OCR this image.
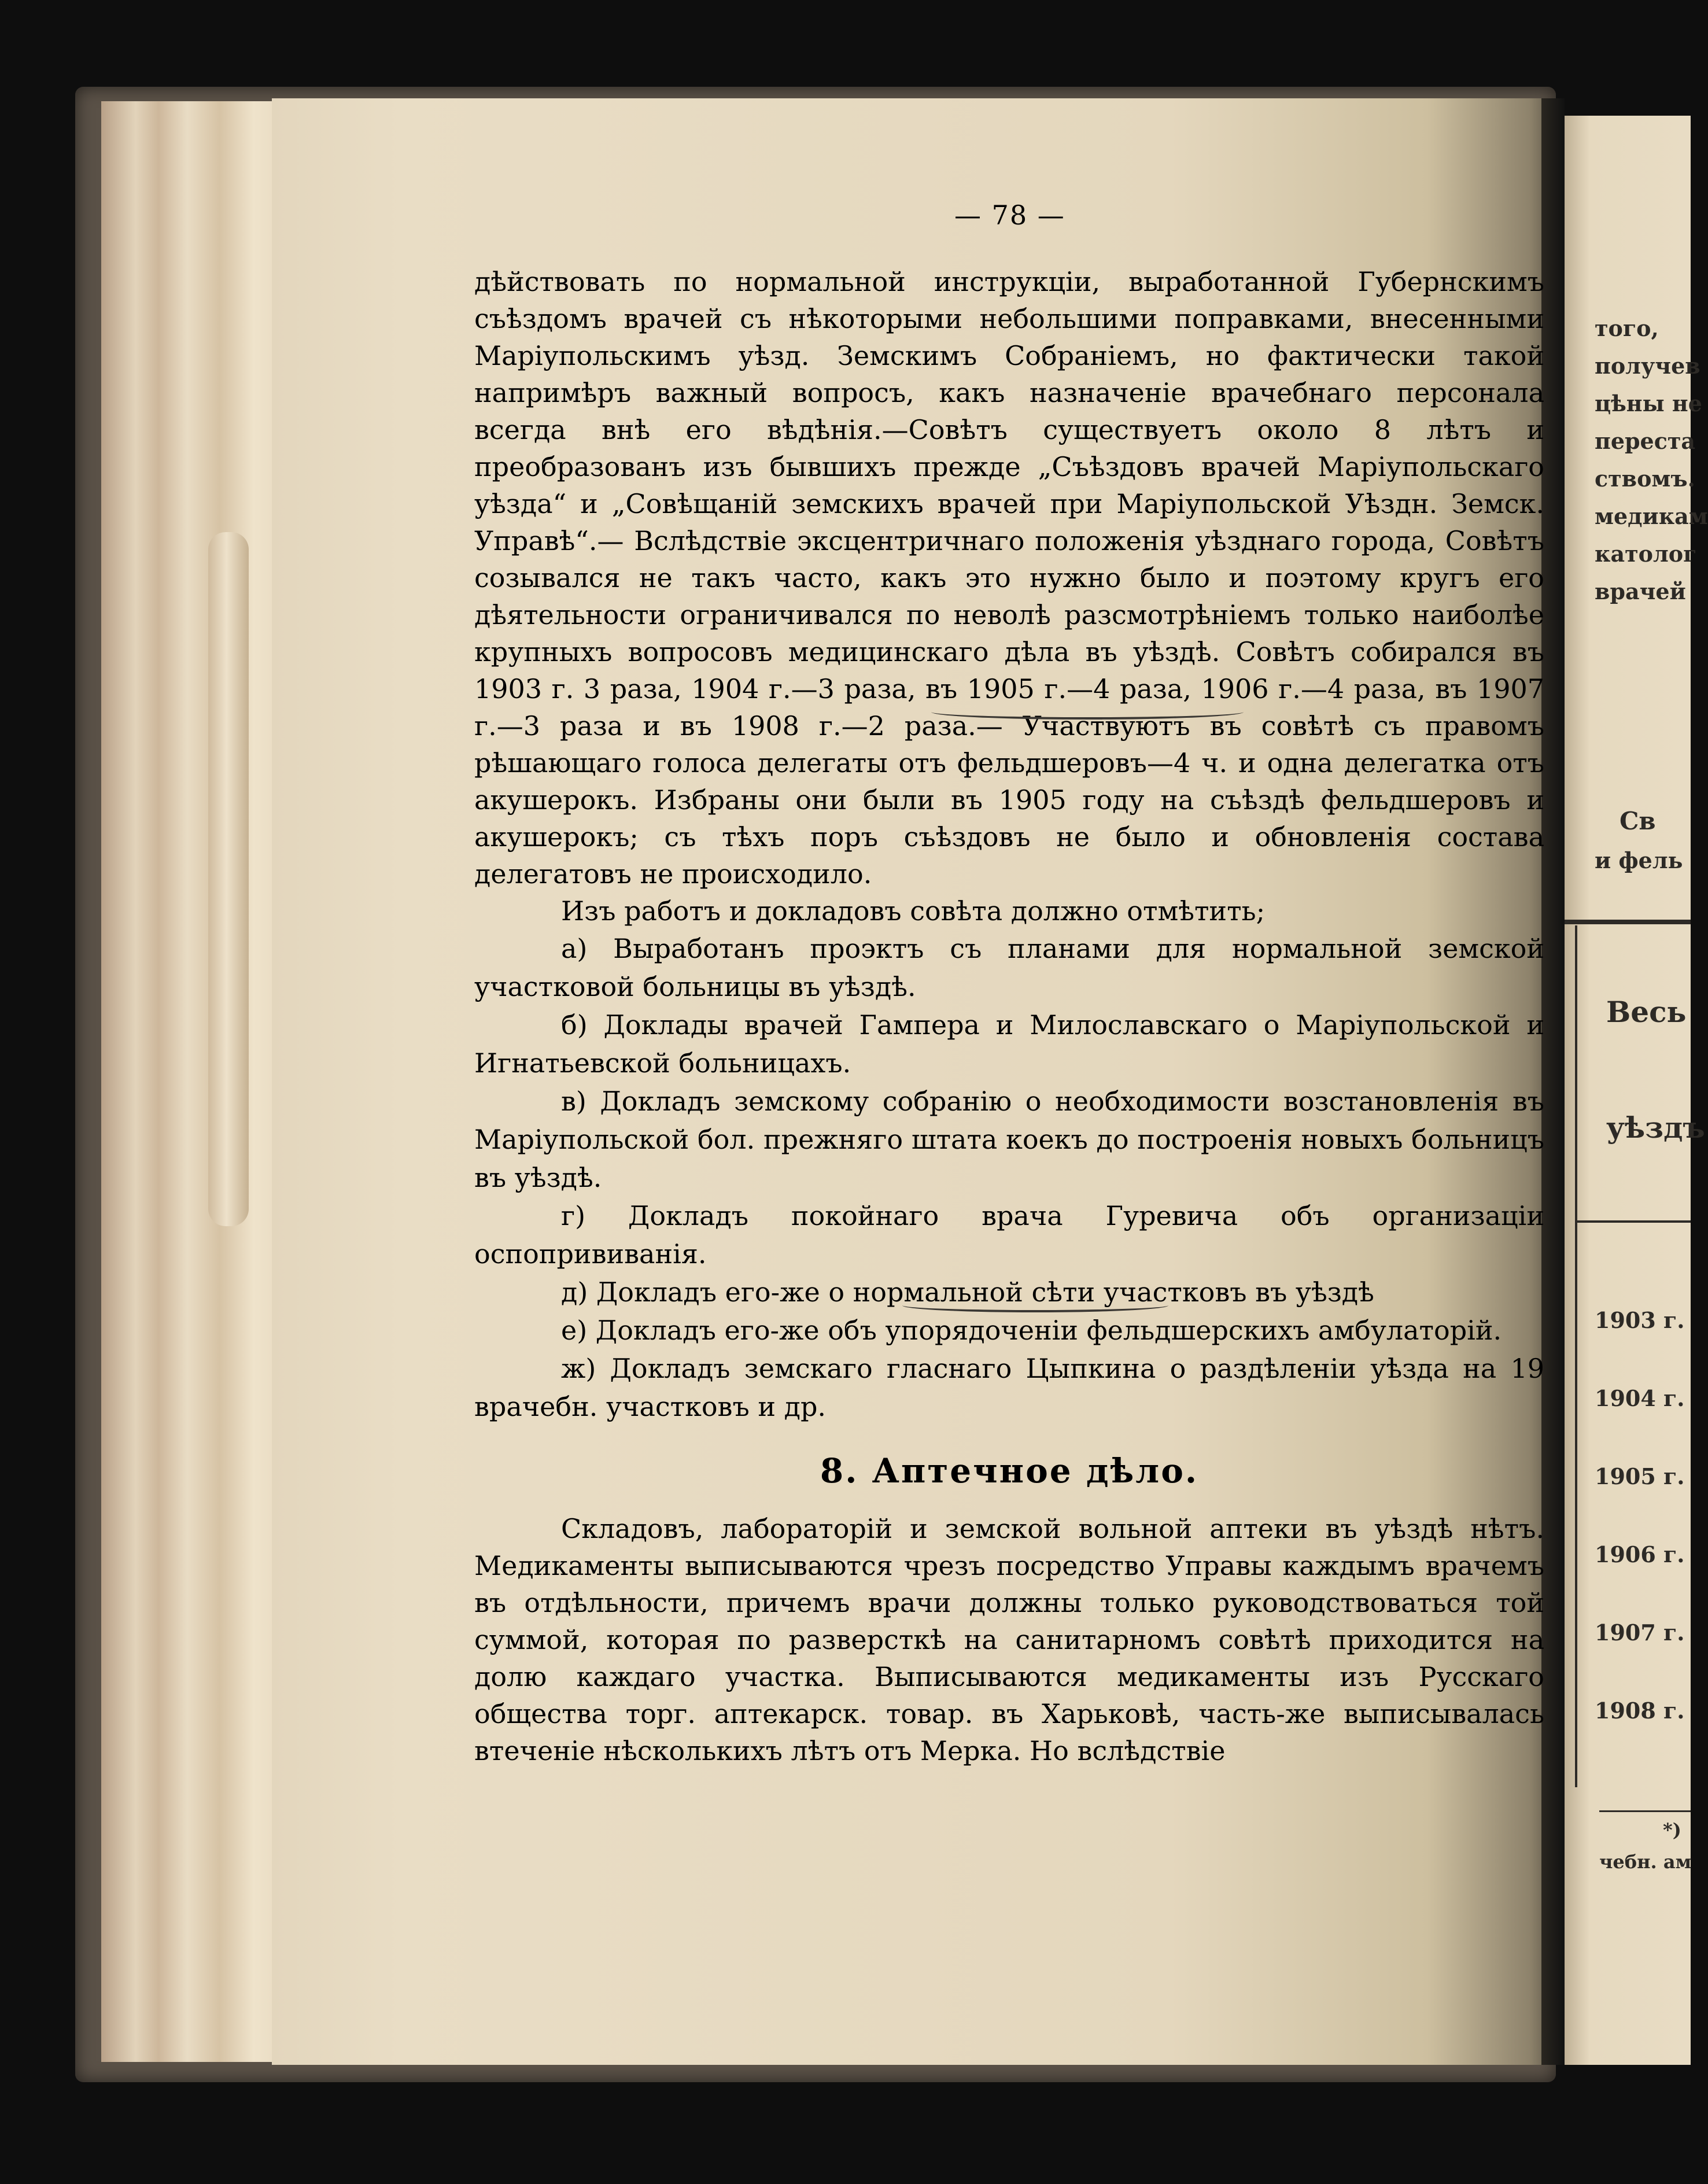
— 78 —

дѣйствовать по нормальной инструкціи, выработанной Губернскимъ съѣздомъ врачей съ нѣкоторыми небольшими поправками, внесенными Маріупольскимъ уѣзд. Земскимъ Собраніемъ, но фактически такой напримѣръ важный вопросъ, какъ назначеніе врачебнаго персонала всегда внѣ его вѣдѣнія.—Совѣтъ существуетъ около 8 лѣтъ и преобразованъ изъ бывшихъ прежде „Съѣздовъ врачей Маріупольскаго уѣзда“ и „Совѣщаній земскихъ врачей при Маріупольской Уѣздн. Земск. Управѣ“.— Вслѣдствіе эксцентричнаго положенія уѣзднаго города, Совѣтъ созывался не такъ часто, какъ это нужно было и поэтому кругъ его дѣятельности ограничивался по неволѣ разсмотрѣніемъ только наиболѣе крупныхъ вопросовъ медицинскаго дѣла въ уѣздѣ. Совѣтъ собирался въ 1903 г. 3 раза, 1904 г.—3 раза, въ 1905 г.—4 раза, 1906 г.—4 раза, въ 1907 г.—3 раза и въ 1908 г.—2 раза.— Участвуютъ въ совѣтѣ съ правомъ рѣшающаго голоса делегаты отъ фельдшеровъ—4 ч. и одна делегатка отъ акушерокъ. Избраны они были въ 1905 году на съѣздѣ фельдшеровъ и акушерокъ; съ тѣхъ поръ съѣздовъ не было и обновленія состава делегатовъ не происходило.

Изъ работъ и докладовъ совѣта должно отмѣтить;

а) Выработанъ проэктъ съ планами для нормальной земской участковой больницы въ уѣздѣ.
б) Доклады врачей Гампера и Милославскаго о Маріупольской и Игнатьевской больницахъ.
в) Докладъ земскому собранію о необходимости возстановленія въ Маріупольской бол. прежняго штата коекъ до построенія новыхъ больницъ въ уѣздѣ.
г) Докладъ покойнаго врача Гуревича объ организаціи оспопрививанія.
д) Докладъ его-же о нормальной сѣти участковъ въ уѣздѣ
е) Докладъ его-же объ упорядоченіи фельдшерскихъ амбулаторій.
ж) Докладъ земскаго гласнаго Цыпкина о раздѣленіи уѣзда на 19 врачебн. участковъ и др.
8. Аптечное дѣло.

Складовъ, лабораторій и земской вольной аптеки въ уѣздѣ нѣтъ. Медикаменты выписываются чрезъ посредство Управы каждымъ врачемъ въ отдѣльности, причемъ врачи должны только руководствоваться той суммой, которая по разверсткѣ на санитарномъ совѣтѣ приходится на долю каждаго участка. Выписываются медикаменты изъ Русскаго общества торг. аптекарск. товар. въ Харьковѣ, часть-же выписывалась втеченіе нѣсколькихъ лѣтъ отъ Мерка. Но вслѣдствіе

того,
получев
цѣны не
переста
ствомъ.
медикам
католог
врачей
Св
и фель
Весь
уѣздъ
1903 г.
1904 г.
1905 г.
1906 г.
1907 г.
1908 г.
*)
чебн. ам
